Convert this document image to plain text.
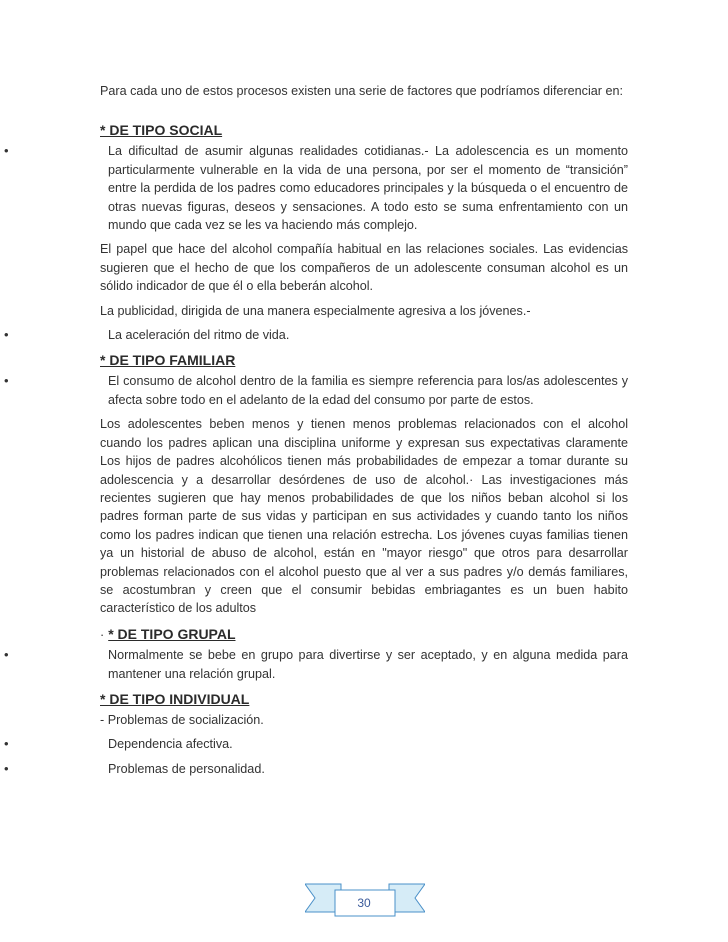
Para cada uno de estos procesos existen una serie de factores que podríamos diferenciar en:

* DE TIPO SOCIAL
•	La dificultad de asumir algunas realidades cotidianas.- La adolescencia es un momento particularmente vulnerable en la vida de una persona, por ser el momento de “transición” entre la perdida de los padres como educadores principales y la búsqueda o el encuentro de otras nuevas figuras, deseos y sensaciones. A todo esto se suma enfrentamiento con un mundo que cada vez se les va haciendo más complejo.

El papel que hace del alcohol compañía habitual en las relaciones sociales. Las evidencias sugieren que el hecho de que los compañeros de un adolescente consuman alcohol es un sólido indicador de que él o ella beberán alcohol.

La publicidad, dirigida de una manera especialmente agresiva a los jóvenes.-

•	La aceleración del ritmo de vida.
* DE TIPO FAMILIAR
•	El consumo de alcohol dentro de la familia es siempre referencia para los/as adolescentes y afecta sobre todo en el adelanto de la edad del consumo por parte de estos.

Los adolescentes beben menos y tienen menos problemas relacionados con el alcohol cuando los padres aplican una disciplina uniforme y expresan sus expectativas claramente Los hijos de padres alcohólicos tienen más probabilidades de empezar a tomar durante su adolescencia y a desarrollar desórdenes de uso de alcohol.· Las investigaciones más recientes sugieren que hay menos probabilidades de que los niños beban alcohol si los padres forman parte de sus vidas y participan en sus actividades y cuando tanto los niños como los padres indican que tienen una relación estrecha. Los jóvenes cuyas familias tienen ya un historial de abuso de alcohol, están en "mayor riesgo" que otros para desarrollar problemas relacionados con el alcohol puesto que al ver a sus padres y/o demás familiares, se acostumbran y creen que el consumir bebidas embriagantes es un buen habito característico de los adultos

· * DE TIPO GRUPAL
•	Normalmente se bebe en grupo para divertirse y ser aceptado, y en alguna medida para mantener una relación grupal.
* DE TIPO INDIVIDUAL

- Problemas de socialización.

•	Dependencia afectiva.
•	Problemas de personalidad.
30
